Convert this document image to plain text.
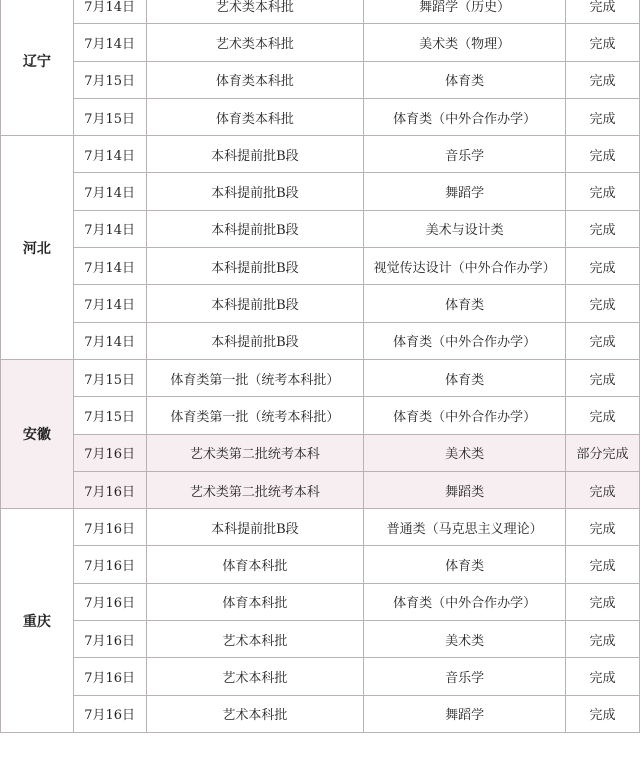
辽宁	7月14日	艺术类本科批	舞蹈学（历史）	完成
	7月14日	艺术类本科批	美术类（物理）	完成
	7月15日	体育类本科批	体育类	完成
	7月15日	体育类本科批	体育类（中外合作办学）	完成
河北	7月14日	本科提前批B段	音乐学	完成
	7月14日	本科提前批B段	舞蹈学	完成
	7月14日	本科提前批B段	美术与设计类	完成
	7月14日	本科提前批B段	视觉传达设计（中外合作办学）	完成
	7月14日	本科提前批B段	体育类	完成
	7月14日	本科提前批B段	体育类（中外合作办学）	完成
安徽	7月15日	体育类第一批（统考本科批）	体育类	完成
	7月15日	体育类第一批（统考本科批）	体育类（中外合作办学）	完成
	7月16日	艺术类第二批统考本科	美术类	部分完成
	7月16日	艺术类第二批统考本科	舞蹈类	完成
重庆	7月16日	本科提前批B段	普通类（马克思主义理论）	完成
	7月16日	体育本科批	体育类	完成
	7月16日	体育本科批	体育类（中外合作办学）	完成
	7月16日	艺术本科批	美术类	完成
	7月16日	艺术本科批	音乐学	完成
	7月16日	艺术本科批	舞蹈学	完成
